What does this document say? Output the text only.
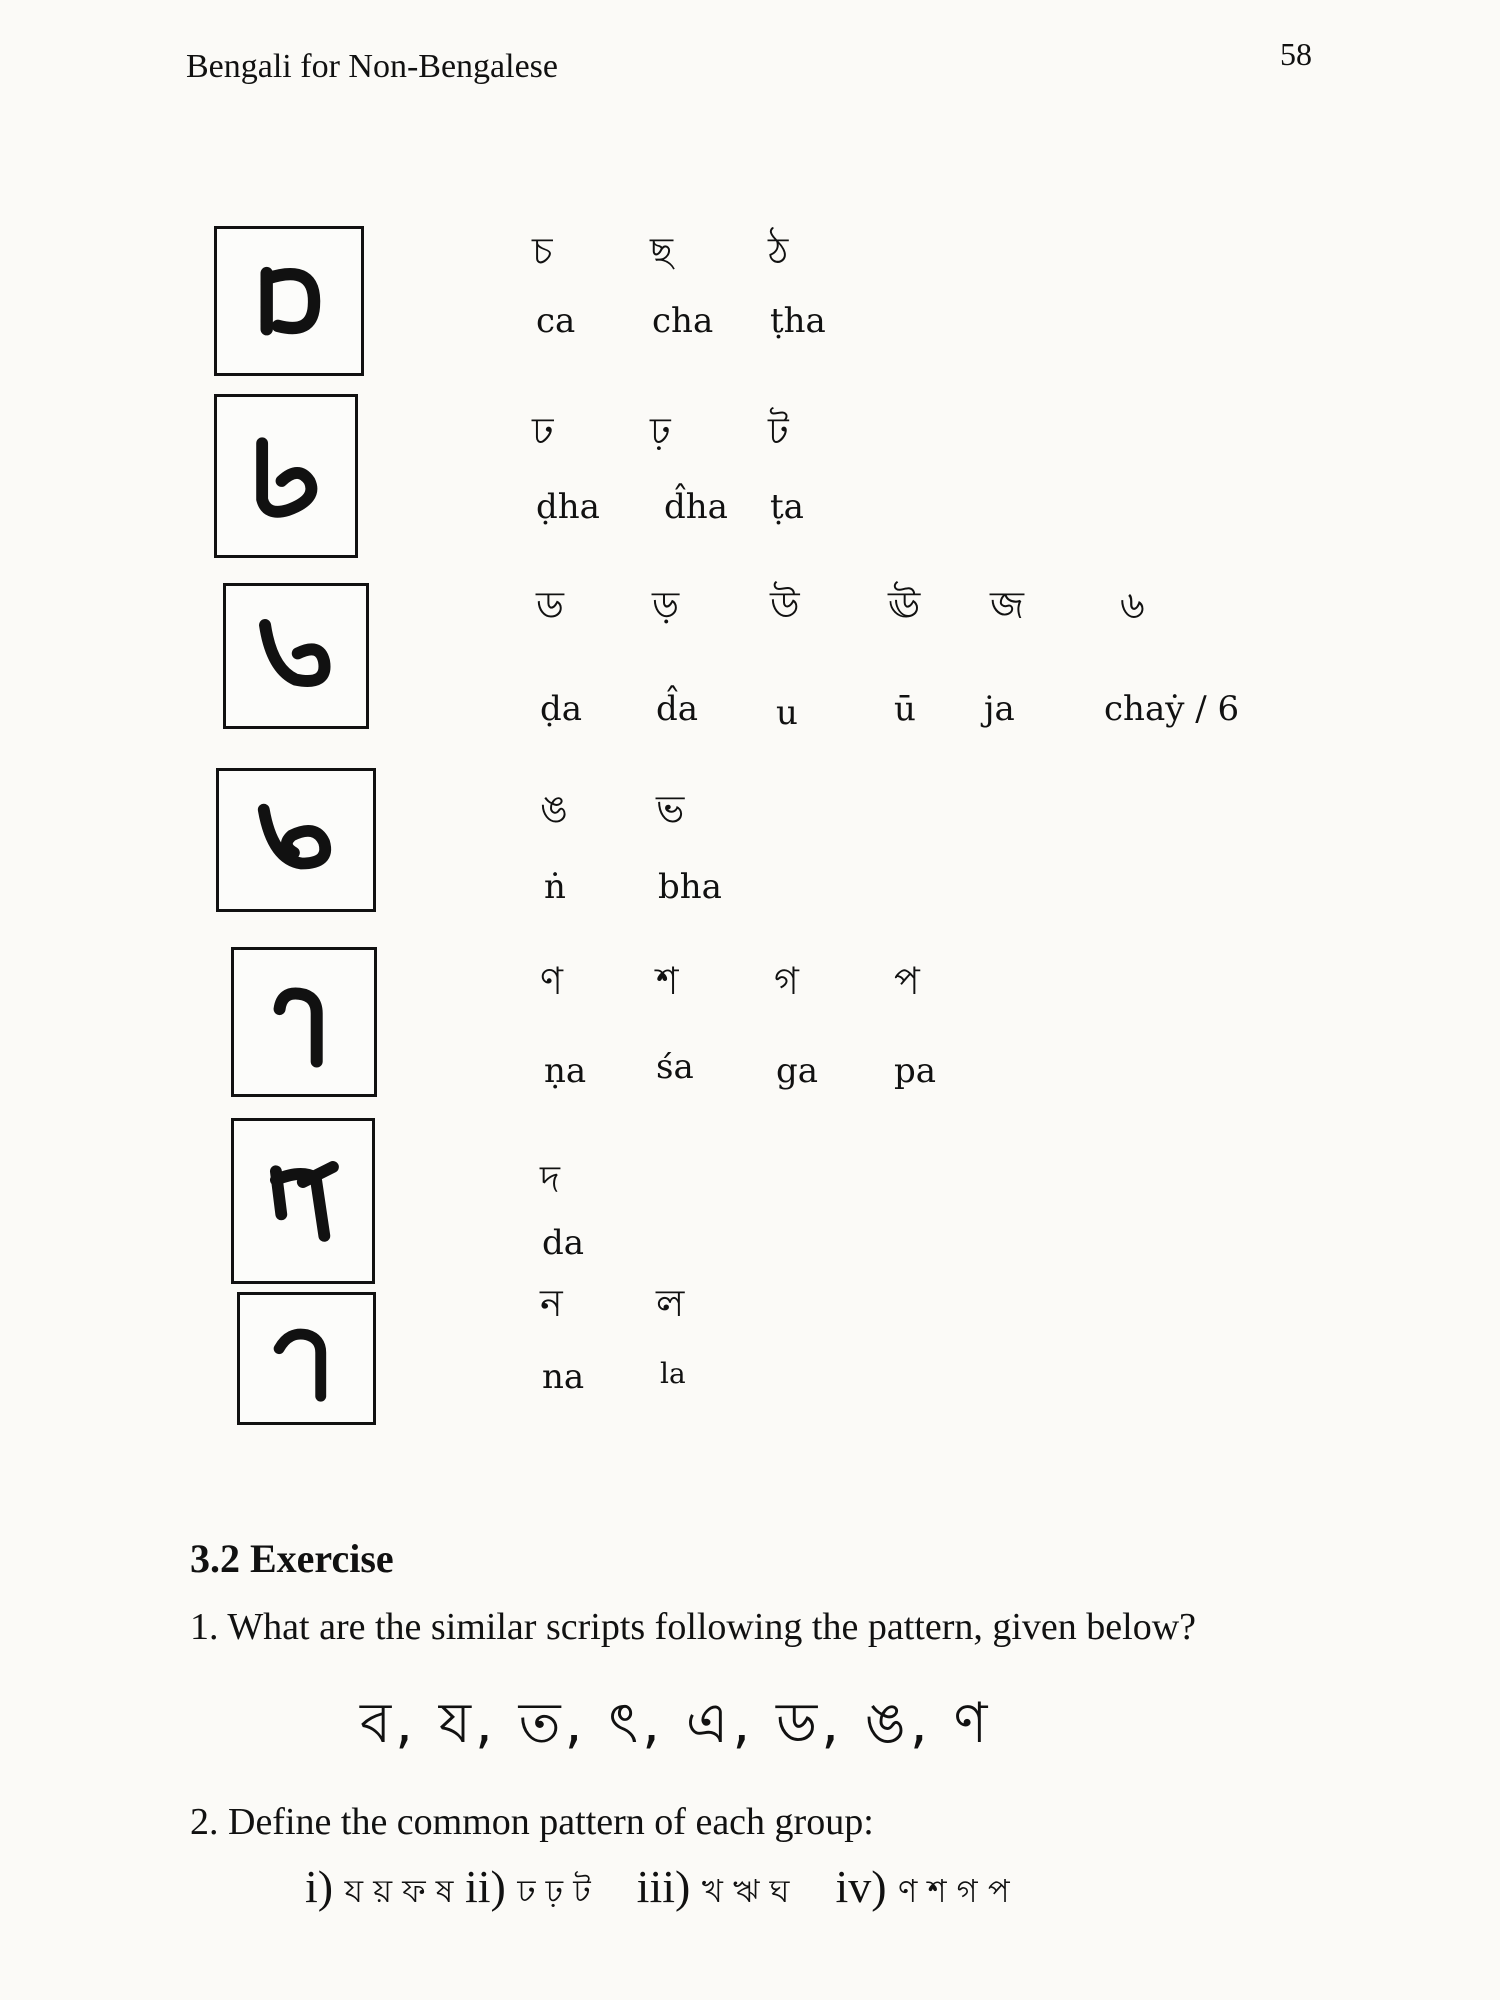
Bengali for Non-Bengalese	58
চ	ছ ঠ
ca cha ṭha
ঢ	ঢ়	ট
ḍha d̂ha ṭa
ড ড় উ ঊ জ	৬
ḍa d̂a u	ū ja	chaẏ / 6
ঙ ভ
ṅ	bha
ণ শ	গ	প
ṇa śa ga pa
দ
da
ন ল
na	la
3.2 Exercise
1. What are the similar scripts following the pattern, given below?
ব, য, ত, ৎ, এ, ড, ঙ, ণ
2. Define the common pattern of each group:
i) য য় ফ ষ ii) ঢ ঢ় ট iii) খ ঋ ঘ iv) ণ শ গ প
